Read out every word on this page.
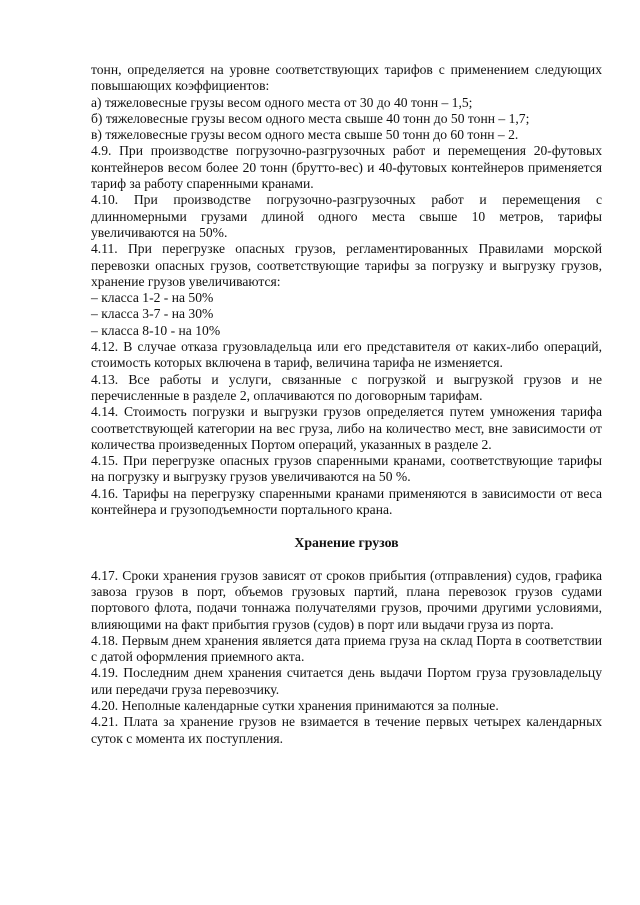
тонн, определяется на уровне соответствующих тарифов с применением следующих повышающих коэффициентов:

а) тяжеловесные грузы весом одного места от 30 до 40 тонн – 1,5;

б) тяжеловесные грузы весом одного места свыше 40 тонн до 50 тонн – 1,7;

в) тяжеловесные грузы весом одного места свыше 50 тонн до 60 тонн – 2.

4.9. При производстве погрузочно-разгрузочных работ и перемещения 20-футовых контейнеров весом более 20 тонн (брутто-вес) и 40-футовых контейнеров применяется тариф за работу спаренными кранами.

4.10. При производстве погрузочно-разгрузочных работ и перемещения с длинномерными грузами длиной одного места свыше 10 метров, тарифы увеличиваются на 50%.

4.11. При перегрузке опасных грузов, регламентированных Правилами морской перевозки опасных грузов, соответствующие тарифы за погрузку и выгрузку грузов, хранение грузов увеличиваются:

– класса 1-2 - на 50%

– класса 3-7 - на 30%

– класса 8-10 - на 10%

4.12. В случае отказа грузовладельца или его представителя от каких-либо операций, стоимость которых включена в тариф, величина тарифа не изменяется.

4.13. Все работы и услуги, связанные с погрузкой и выгрузкой грузов и не перечисленные в разделе 2, оплачиваются по договорным тарифам.

4.14. Стоимость погрузки и выгрузки грузов определяется путем умножения тарифа соответствующей категории на вес груза, либо на количество мест, вне зависимости от количества произведенных Портом операций, указанных в разделе 2.

4.15. При перегрузке опасных грузов спаренными кранами, соответствующие тарифы на погрузку и выгрузку грузов увеличиваются на 50 %.

4.16. Тарифы на перегрузку спаренными кранами применяются в зависимости от веса контейнера и грузоподъемности портального крана.

Хранение грузов

4.17. Сроки хранения грузов зависят от сроков прибытия (отправления) судов, графика завоза грузов в порт, объемов грузовых партий, плана перевозок грузов судами портового флота, подачи тоннажа получателями грузов, прочими другими условиями, влияющими на факт прибытия грузов (судов) в порт или выдачи груза из порта.

4.18. Первым днем хранения является дата приема груза на склад Порта в соответствии с датой оформления приемного акта.

4.19. Последним днем хранения считается день выдачи Портом груза грузовладельцу или передачи груза перевозчику.

4.20. Неполные календарные сутки хранения принимаются за полные.

4.21. Плата за хранение грузов не взимается в течение первых четырех календарных суток с момента их поступления.
